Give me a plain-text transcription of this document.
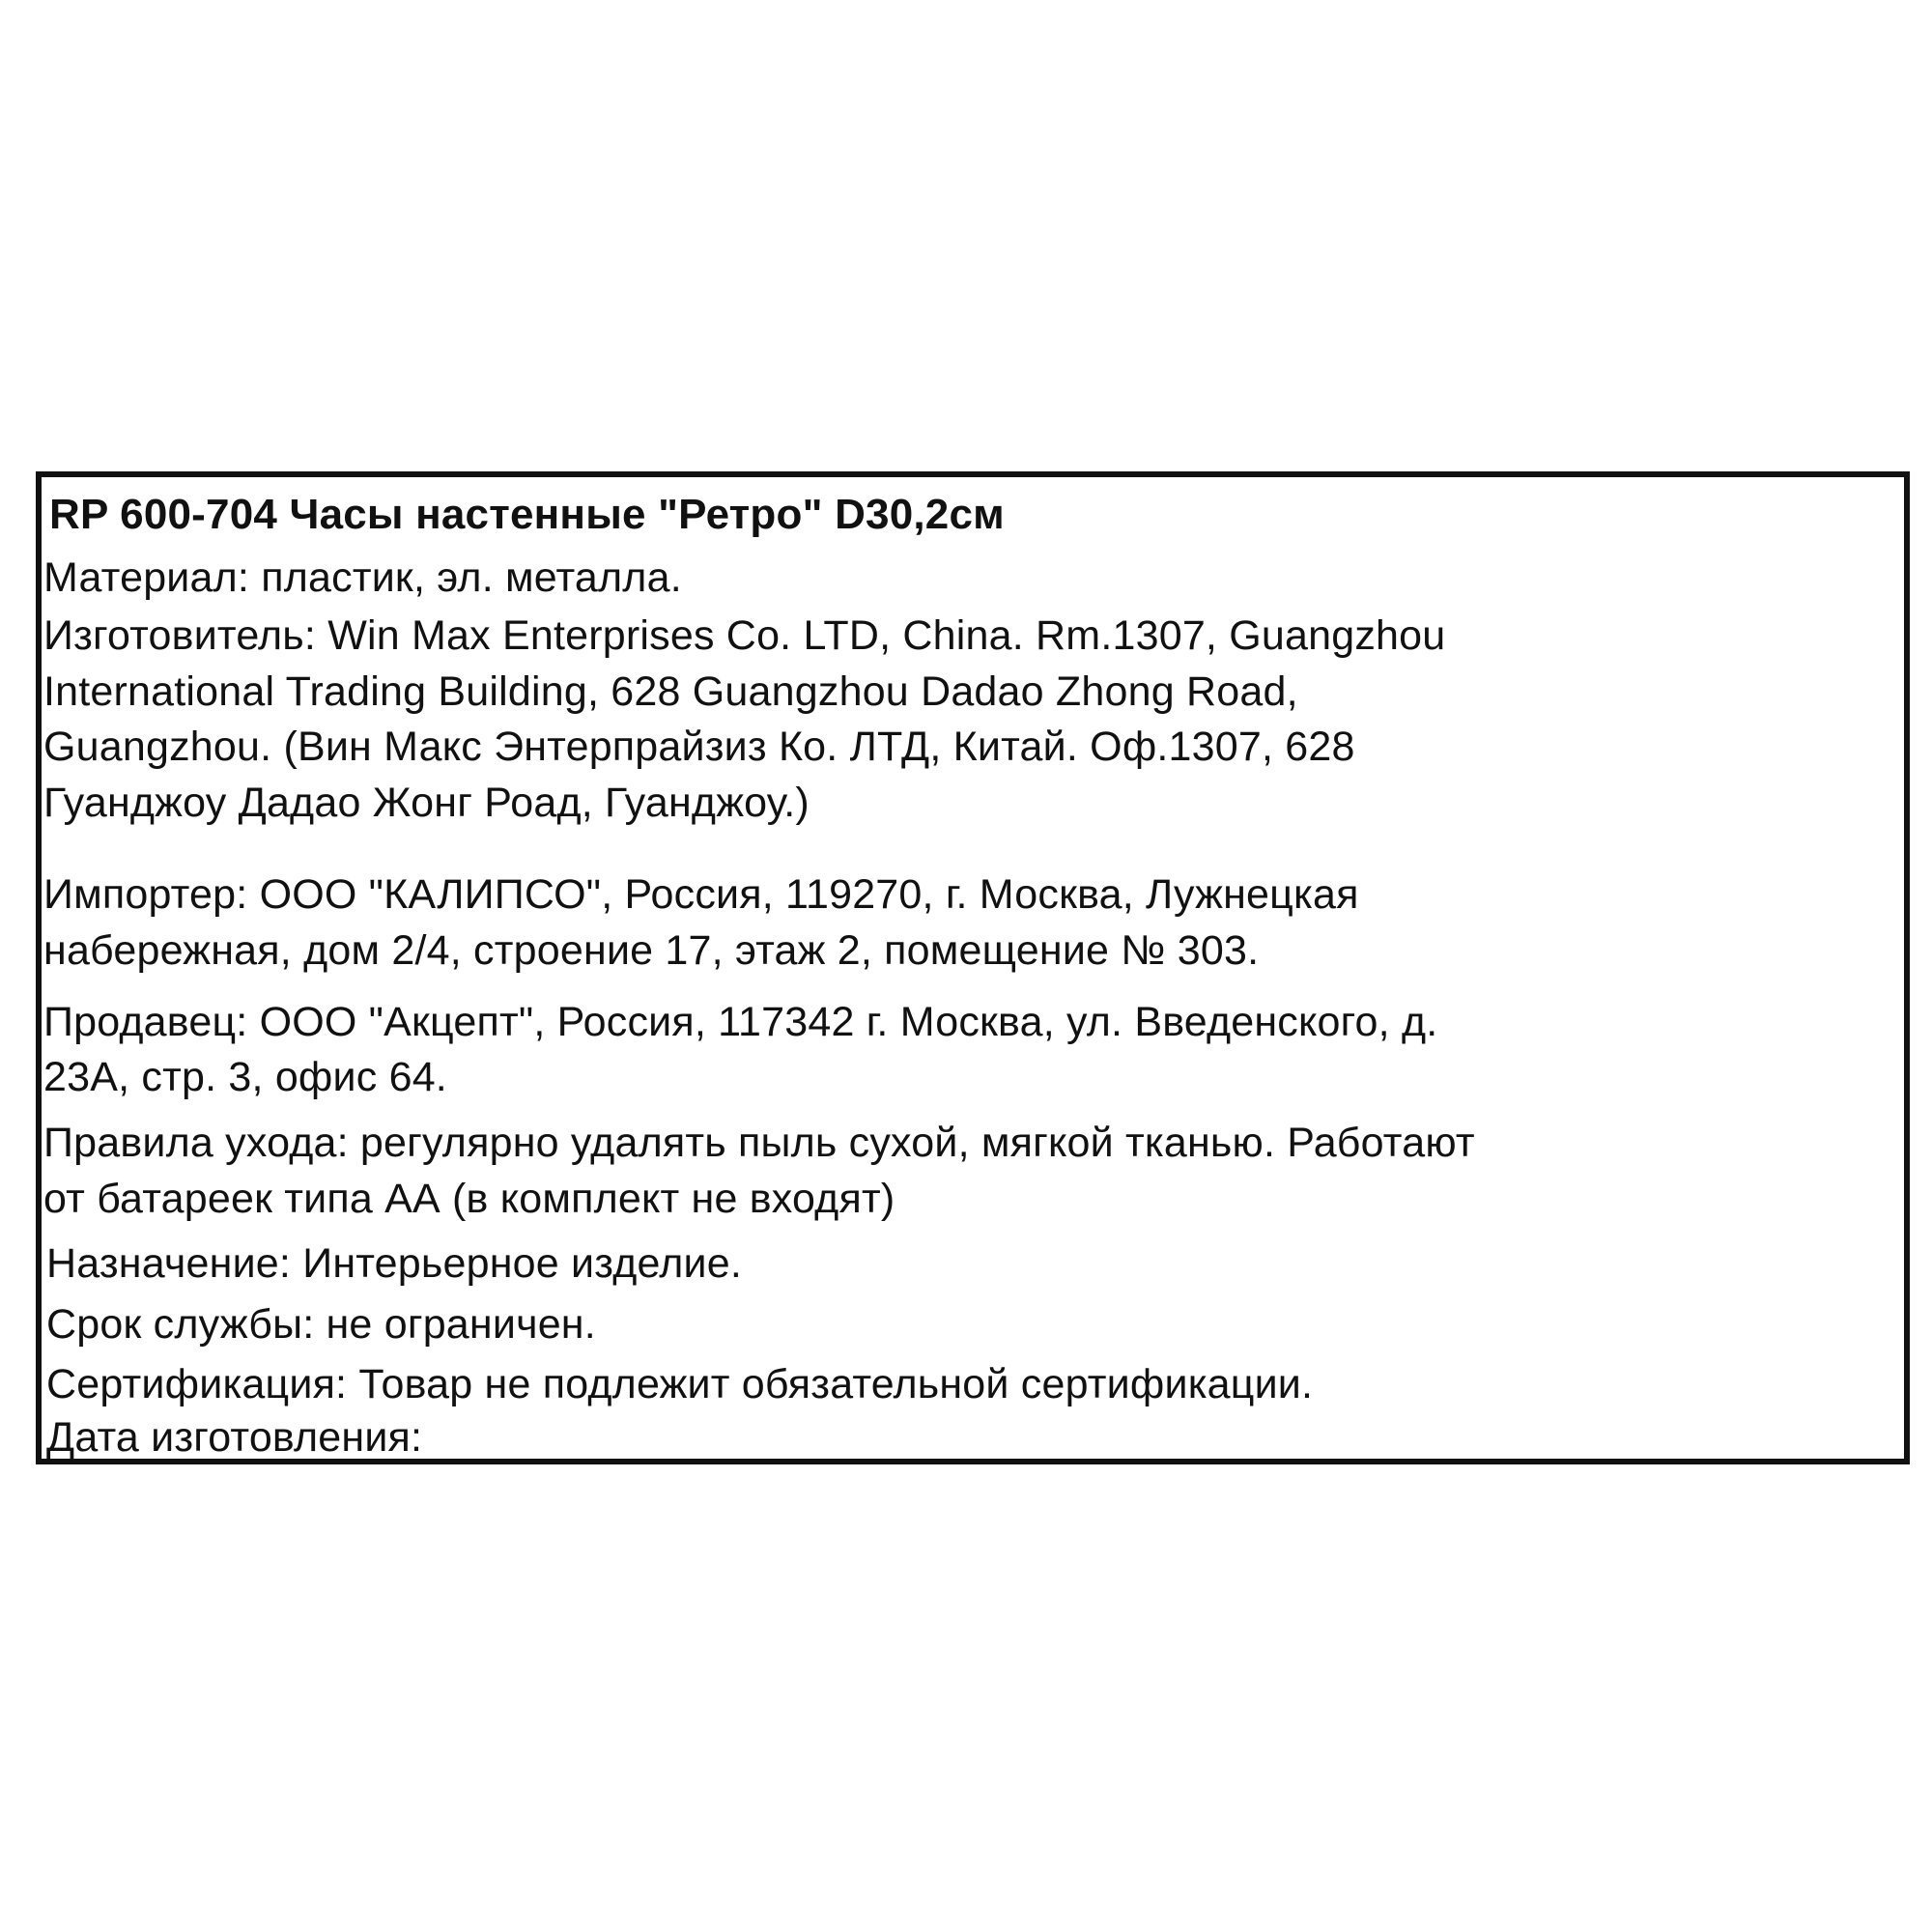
RP 600-704 Часы настенные "Ретро" D30,2см

Материал: пластик, эл. металла.

Изготовитель: Win Max Enterprises Co. LTD, China. Rm.1307, Guangzhou

International Trading Building, 628 Guangzhou Dadao Zhong Road,

Guangzhou. (Вин Макс Энтерпрайзиз Ко. ЛТД, Китай. Оф.1307, 628

Гуанджоу Дадао Жонг Роад, Гуанджоу.)

Импортер: ООО "КАЛИПСО", Россия, 119270, г. Москва, Лужнецкая

набережная, дом 2/4, строение 17, этаж 2, помещение № 303.

Продавец: ООО "Акцепт", Россия, 117342 г. Москва, ул. Введенского, д.

23А, стр. 3, офис 64.

Правила ухода: регулярно удалять пыль сухой, мягкой тканью. Работают

от батареек типа АА (в комплект не входят)

Назначение: Интерьерное изделие.

Срок службы: не ограничен.

Сертификация: Товар не подлежит обязательной сертификации.

Дата изготовления:
